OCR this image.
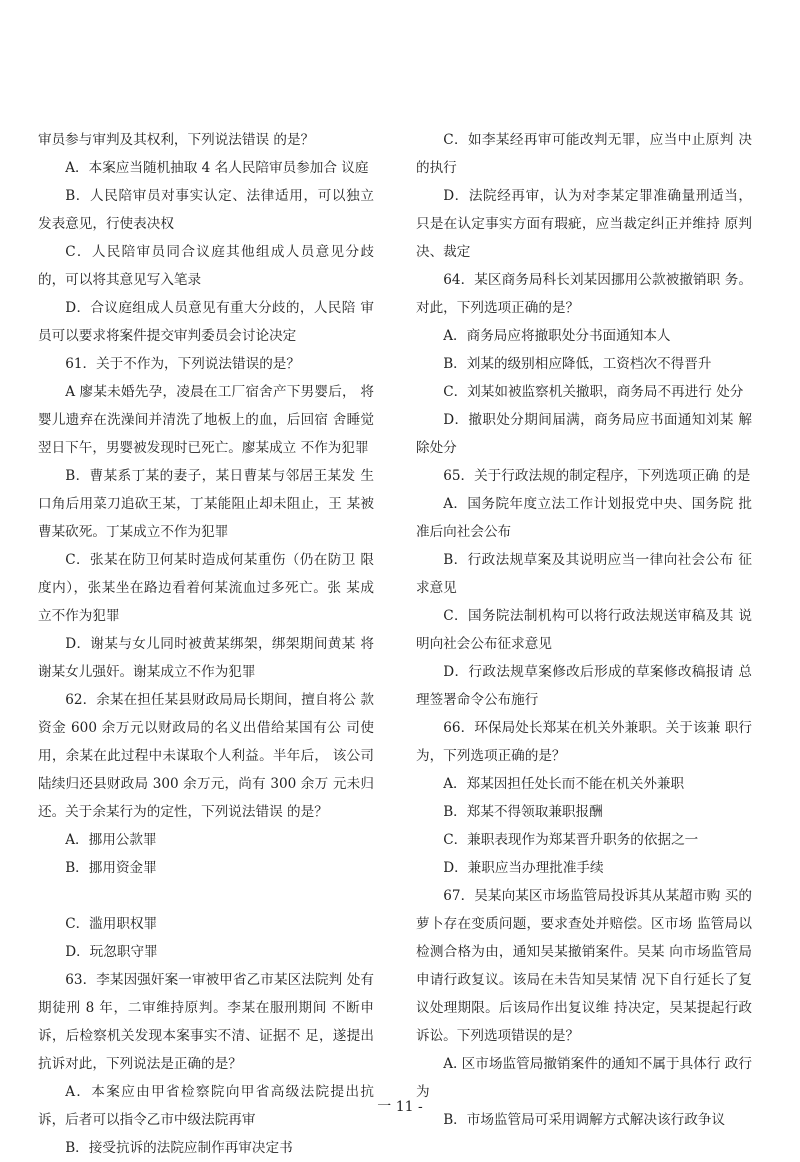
审员参与审判及其权利，下列说法错误 的是？

A．本案应当随机抽取 4 名人民陪审员参加合 议庭

B．人民陪审员对事实认定、法律适用，可以独立发表意见，行使表决权

C．人民陪审员同合议庭其他组成人员意见分歧 的，可以将其意见写入笔录

D．合议庭组成人员意见有重大分歧的，人民陪 审员可以要求将案件提交审判委员会讨论决定

61．关于不作为，下列说法错误的是？

A 廖某未婚先孕，凌晨在工厂宿舍产下男婴后， 将婴儿遗弃在洗澡间并清洗了地板上的血，后回宿 舍睡觉翌日下午，男婴被发现时已死亡。廖某成立 不作为犯罪

B．曹某系丁某的妻子，某日曹某与邻居王某发 生口角后用菜刀追砍王某，丁某能阻止却未阻止，王 某被曹某砍死。丁某成立不作为犯罪

C．张某在防卫何某时造成何某重伤（仍在防卫 限度内），张某坐在路边看着何某流血过多死亡。张 某成立不作为犯罪

D．谢某与女儿同时被黄某绑架，绑架期间黄某 将谢某女儿强奸。谢某成立不作为犯罪

62．余某在担任某县财政局局长期间，擅自将公 款资金 600 余万元以财政局的名义出借给某国有公 司使用，余某在此过程中未谋取个人利益。半年后， 该公司陆续归还县财政局 300 余万元，尚有 300 余万 元未归还。关于余某行为的定性，下列说法错误 的是？

A．挪用公款罪

B．挪用资金罪

C．滥用职权罪

D．玩忽职守罪

63．李某因强奸案一审被甲省乙市某区法院判 处有期徒刑 8 年，二审维持原判。李某在服刑期间 不断申诉，后检察机关发现本案事实不清、证据不 足，遂提出抗诉对此，下列说法是正确的是？

A．本案应由甲省检察院向甲省高级法院提出抗 诉，后者可以指令乙市中级法院再审

B．接受抗诉的法院应制作再审决定书

C．如李某经再审可能改判无罪，应当中止原判 决的执行

D．法院经再审，认为对李某定罪准确量刑适当，只是在认定事实方面有瑕疵，应当裁定纠正并维持 原判决、裁定

64．某区商务局科长刘某因挪用公款被撤销职 务。对此，下列选项正确的是？

A．商务局应将撤职处分书面通知本人

B．刘某的级别相应降低，工资档次不得晋升

C．刘某如被监察机关撤职，商务局不再进行 处分

D．撤职处分期间届满，商务局应书面通知刘某 解除处分

65．关于行政法规的制定程序，下列选项正确 的是

A．国务院年度立法工作计划报党中央、国务院 批准后向社会公布

B．行政法规草案及其说明应当一律向社会公布 征求意见

C．国务院法制机构可以将行政法规送审稿及其 说明向社会公布征求意见

D．行政法规草案修改后形成的草案修改稿报请 总理签署命令公布施行

66．环保局处长郑某在机关外兼职。关于该兼 职行为，下列选项正确的是？

A．郑某因担任处长而不能在机关外兼职

B．郑某不得领取兼职报酬

C．兼职表现作为郑某晋升职务的依据之一

D．兼职应当办理批准手续

67．吴某向某区市场监管局投诉其从某超市购 买的萝卜存在变质问题，要求查处并赔偿。区市场 监管局以检测合格为由，通知吴某撤销案件。吴某 向市场监管局申请行政复议。该局在未告知吴某情 况下自行延长了复议处理期限。后该局作出复议维 持决定，吴某提起行政诉讼。下列选项错误的是？

A. 区市场监管局撤销案件的通知不属于具体行 政行为

B．市场监管局可采用调解方式解决该行政争议

一 11 -
